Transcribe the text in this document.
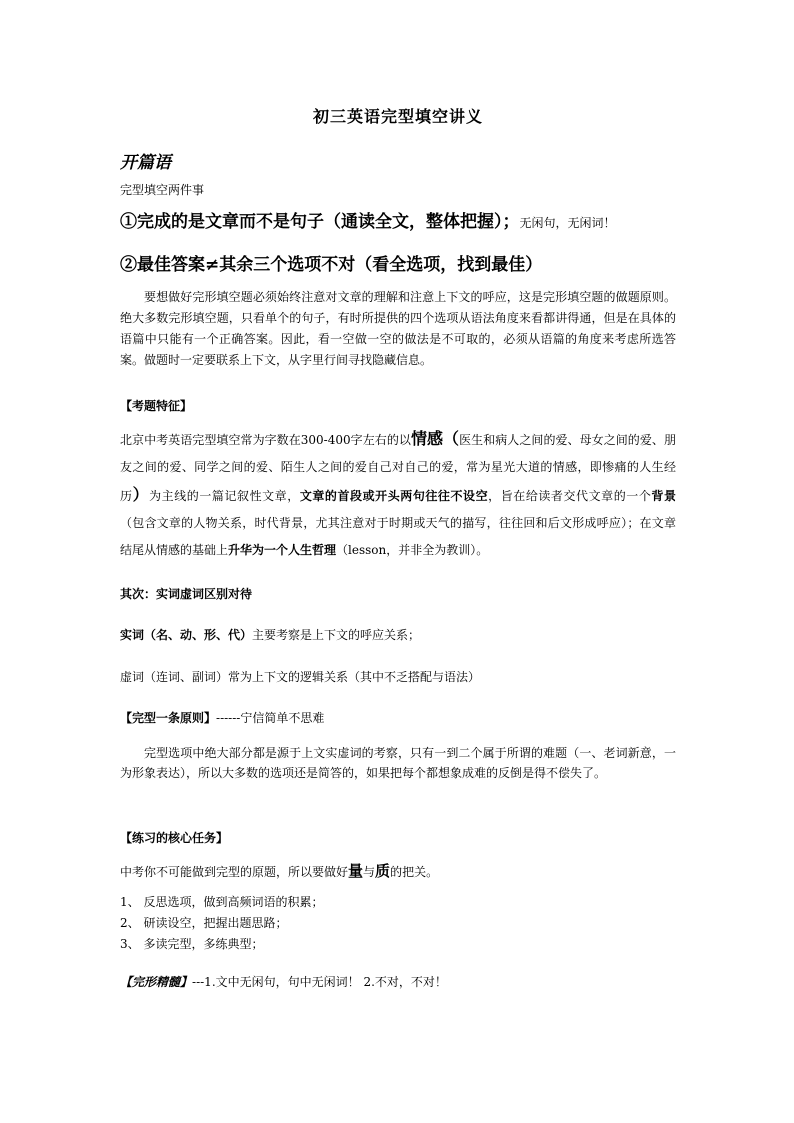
初三英语完型填空讲义
开篇语
完型填空两件事
①完成的是文章而不是句子（通读全文，整体把握）；无闲句，无闲词！
②最佳答案≠其余三个选项不对（看全选项，找到最佳）
要想做好完形填空题必须始终注意对文章的理解和注意上下文的呼应，这是完形填空题的做题原则。绝大多数完形填空题，只看单个的句子，有时所提供的四个选项从语法角度来看都讲得通，但是在具体的语篇中只能有一个正确答案。因此，看一空做一空的做法是不可取的，必须从语篇的角度来考虑所选答案。做题时一定要联系上下文，从字里行间寻找隐藏信息。
【考题特征】
北京中考英语完型填空常为字数在300-400字左右的以情感（医生和病人之间的爱、母女之间的爱、朋友之间的爱、同学之间的爱、陌生人之间的爱自己对自己的爱，常为星光大道的情感，即惨痛的人生经历）为主线的一篇记叙性文章，文章的首段或开头两句往往不设空，旨在给读者交代文章的一个背景（包含文章的人物关系，时代背景，尤其注意对于时期或天气的描写，往往回和后文形成呼应）；在文章结尾从情感的基础上升华为一个人生哲理（lesson，并非全为教训）。
其次：实词虚词区别对待
实词（名、动、形、代）主要考察是上下文的呼应关系；
虚词（连词、副词）常为上下文的逻辑关系（其中不乏搭配与语法）
【完型一条原则】------宁信简单不思难
完型选项中绝大部分都是源于上文实虚词的考察，只有一到二个属于所谓的难题（一、老词新意，一为形象表达），所以大多数的选项还是简答的，如果把每个都想象成难的反倒是得不偿失了。
【练习的核心任务】
中考你不可能做到完型的原题，所以要做好量与质的把关。
1、 反思选项，做到高频词语的积累；
2、 研读设空，把握出题思路；
3、 多读完型，多练典型；
【完形精髓】---1.文中无闲句，句中无闲词！ 2.不对，不对！
